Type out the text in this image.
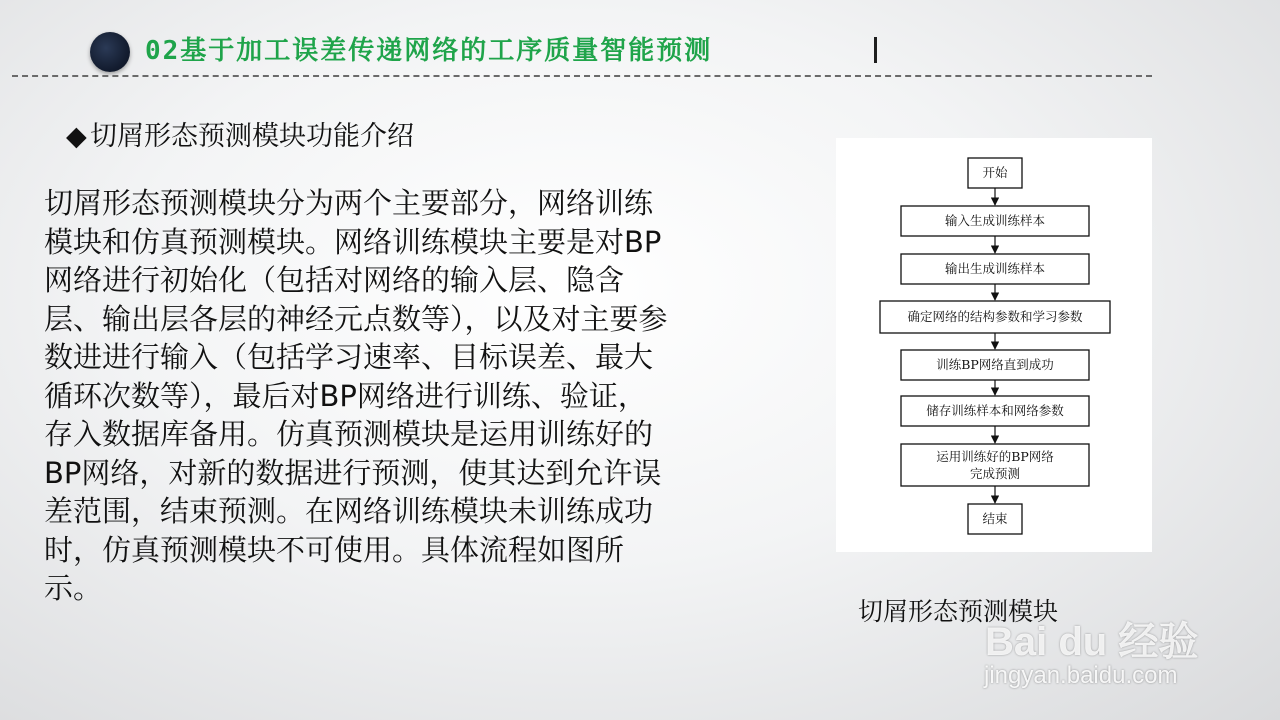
02基于加工误差传递网络的工序质量智能预测
◆ 切屑形态预测模块功能介绍

切屑形态预测模块分为两个主要部分，网络训练模块和仿真预测模块。网络训练模块主要是对BP网络进行初始化（包括对网络的输入层、隐含层、输出层各层的神经元点数等），以及对主要参数进进行输入（包括学习速率、目标误差、最大循环次数等），最后对BP网络进行训练、验证，存入数据库备用。仿真预测模块是运用训练好的BP网络，对新的数据进行预测，使其达到允许误差范围，结束预测。在网络训练模块未训练成功时，仿真预测模块不可使用。具体流程如图所示。

开始
输入生成训练样本
输出生成训练样本
确定网络的结构参数和学习参数
训练BP网络直到成功
储存训练样本和网络参数
运用训练好的BP网络
完成预测
结束
切屑形态预测模块
Bai du 经验
jingyan.baidu.com
